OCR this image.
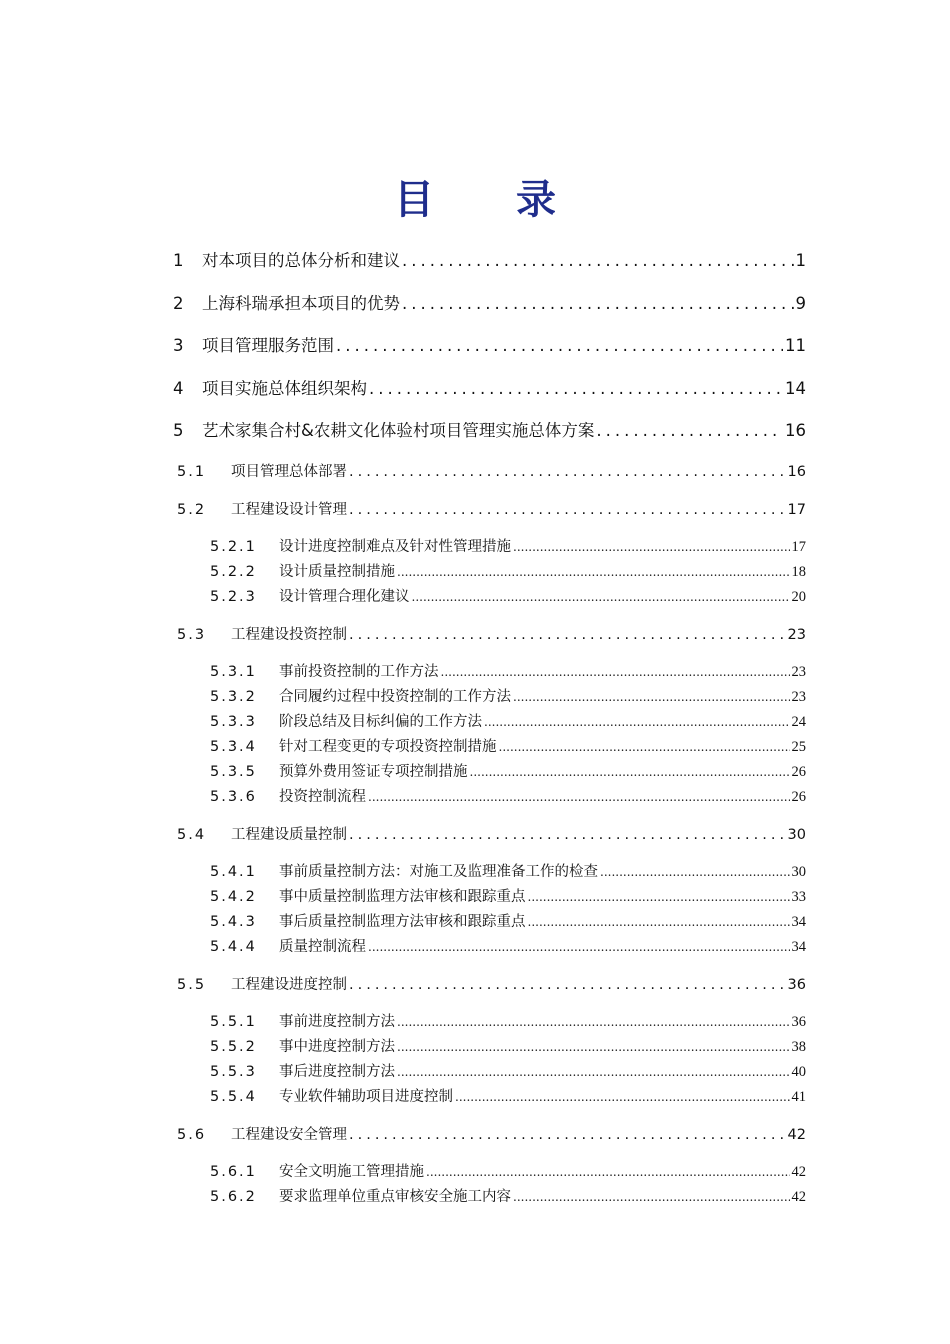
目 录
1	对本项目的总体分析和建议 .....	1
2	上海科瑞承担本项目的优势 .....	9
3	项目管理服务范围 .....	11
4	项目实施总体组织架构 .....	14
5	艺术家集合村&农耕文化体验村项目管理实施总体方案 .....	16
5.1	项目管理总体部署 .....	16
5.2	工程建设设计管理 .....	17
5.2.1	设计进度控制难点及针对性管理措施 .....	17
5.2.2	设计质量控制措施 .....	18
5.2.3	设计管理合理化建议 .....	20
5.3	工程建设投资控制 .....	23
5.3.1	事前投资控制的工作方法 .....	23
5.3.2	合同履约过程中投资控制的工作方法 .....	23
5.3.3	阶段总结及目标纠偏的工作方法 .....	24
5.3.4	针对工程变更的专项投资控制措施 .....	25
5.3.5	预算外费用签证专项控制措施 .....	26
5.3.6	投资控制流程 .....	26
5.4	工程建设质量控制 .....	30
5.4.1	事前质量控制方法：对施工及监理准备工作的检查 .....	30
5.4.2	事中质量控制监理方法审核和跟踪重点 .....	33
5.4.3	事后质量控制监理方法审核和跟踪重点 .....	34
5.4.4	质量控制流程 .....	34
5.5	工程建设进度控制 .....	36
5.5.1	事前进度控制方法 .....	36
5.5.2	事中进度控制方法 .....	38
5.5.3	事后进度控制方法 .....	40
5.5.4	专业软件辅助项目进度控制 .....	41
5.6	工程建设安全管理 .....	42
5.6.1	安全文明施工管理措施 .....	42
5.6.2	要求监理单位重点审核安全施工内容 .....	42
